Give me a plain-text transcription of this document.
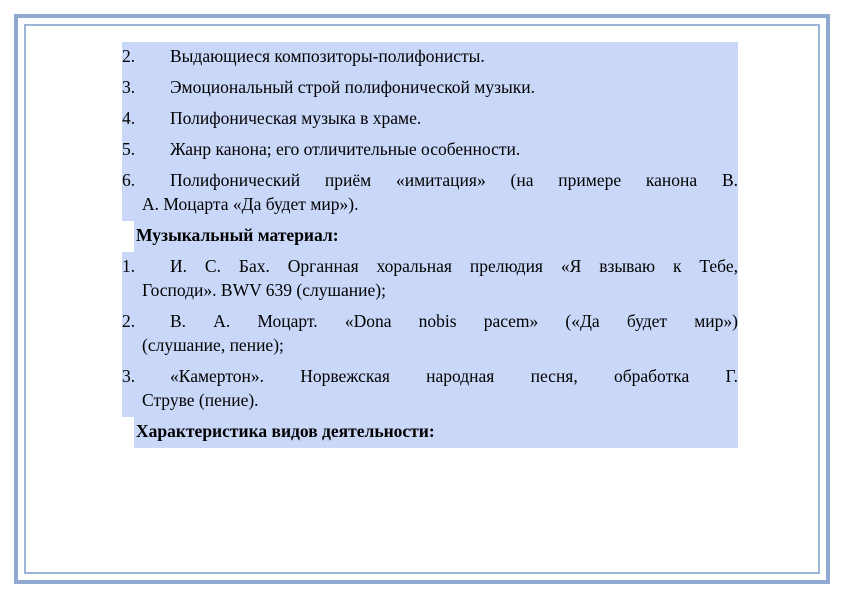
2.	Выдающиеся композиторы-полифонисты.
3.	Эмоциональный строй полифонической музыки.
4.	Полифоническая музыка в храме.
5.	Жанр канона; его отличительные особенности.
6.	Полифонический приём «имитация» (на примере канона В.
А. Моцарта «Да будет мир»).
Музыкальный материал:
1.	И. С. Бах. Органная хоральная прелюдия «Я взываю к Тебе,
Господи». BWV 639 (слушание);
2.	В. А. Моцарт. «Dona nobis pacem» («Да будет мир»)
(слушание, пение);
3.	«Камертон». Норвежская народная песня, обработка Г.
Струве (пение).
Характеристика видов деятельности:
